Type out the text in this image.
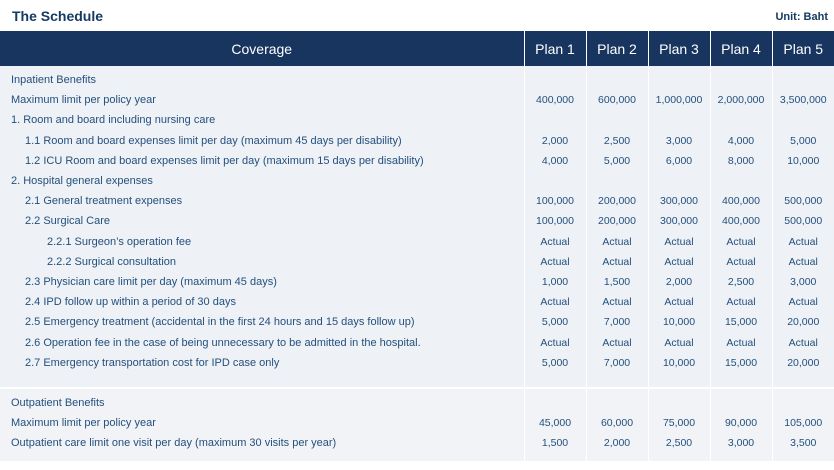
The Schedule	Unit: Baht
Coverage	Plan 1	Plan 2	Plan 3	Plan 4	Plan 5
Inpatient Benefits					
Maximum limit per policy year	400,000	600,000	1,000,000	2,000,000	3,500,000
1. Room and board including nursing care					
1.1 Room and board expenses limit per day (maximum 45 days per disability)	2,000	2,500	3,000	4,000	5,000
1.2 ICU Room and board expenses limit per day (maximum 15 days per disability)	4,000	5,000	6,000	8,000	10,000
2. Hospital general expenses					
2.1 General treatment expenses	100,000	200,000	300,000	400,000	500,000
2.2 Surgical Care	100,000	200,000	300,000	400,000	500,000
2.2.1 Surgeon’s operation fee	Actual	Actual	Actual	Actual	Actual
2.2.2 Surgical consultation	Actual	Actual	Actual	Actual	Actual
2.3 Physician care limit per day (maximum 45 days)	1,000	1,500	2,000	2,500	3,000
2.4 IPD follow up within a period of 30 days	Actual	Actual	Actual	Actual	Actual
2.5 Emergency treatment (accidental in the first 24 hours and 15 days follow up)	5,000	7,000	10,000	15,000	20,000
2.6 Operation fee in the case of being unnecessary to be admitted in the hospital.	Actual	Actual	Actual	Actual	Actual
2.7 Emergency transportation cost for IPD case only	5,000	7,000	10,000	15,000	20,000

Outpatient Benefits					
Maximum limit per policy year	45,000	60,000	75,000	90,000	105,000
Outpatient care limit one visit per day (maximum 30 visits per year)	1,500	2,000	2,500	3,000	3,500
